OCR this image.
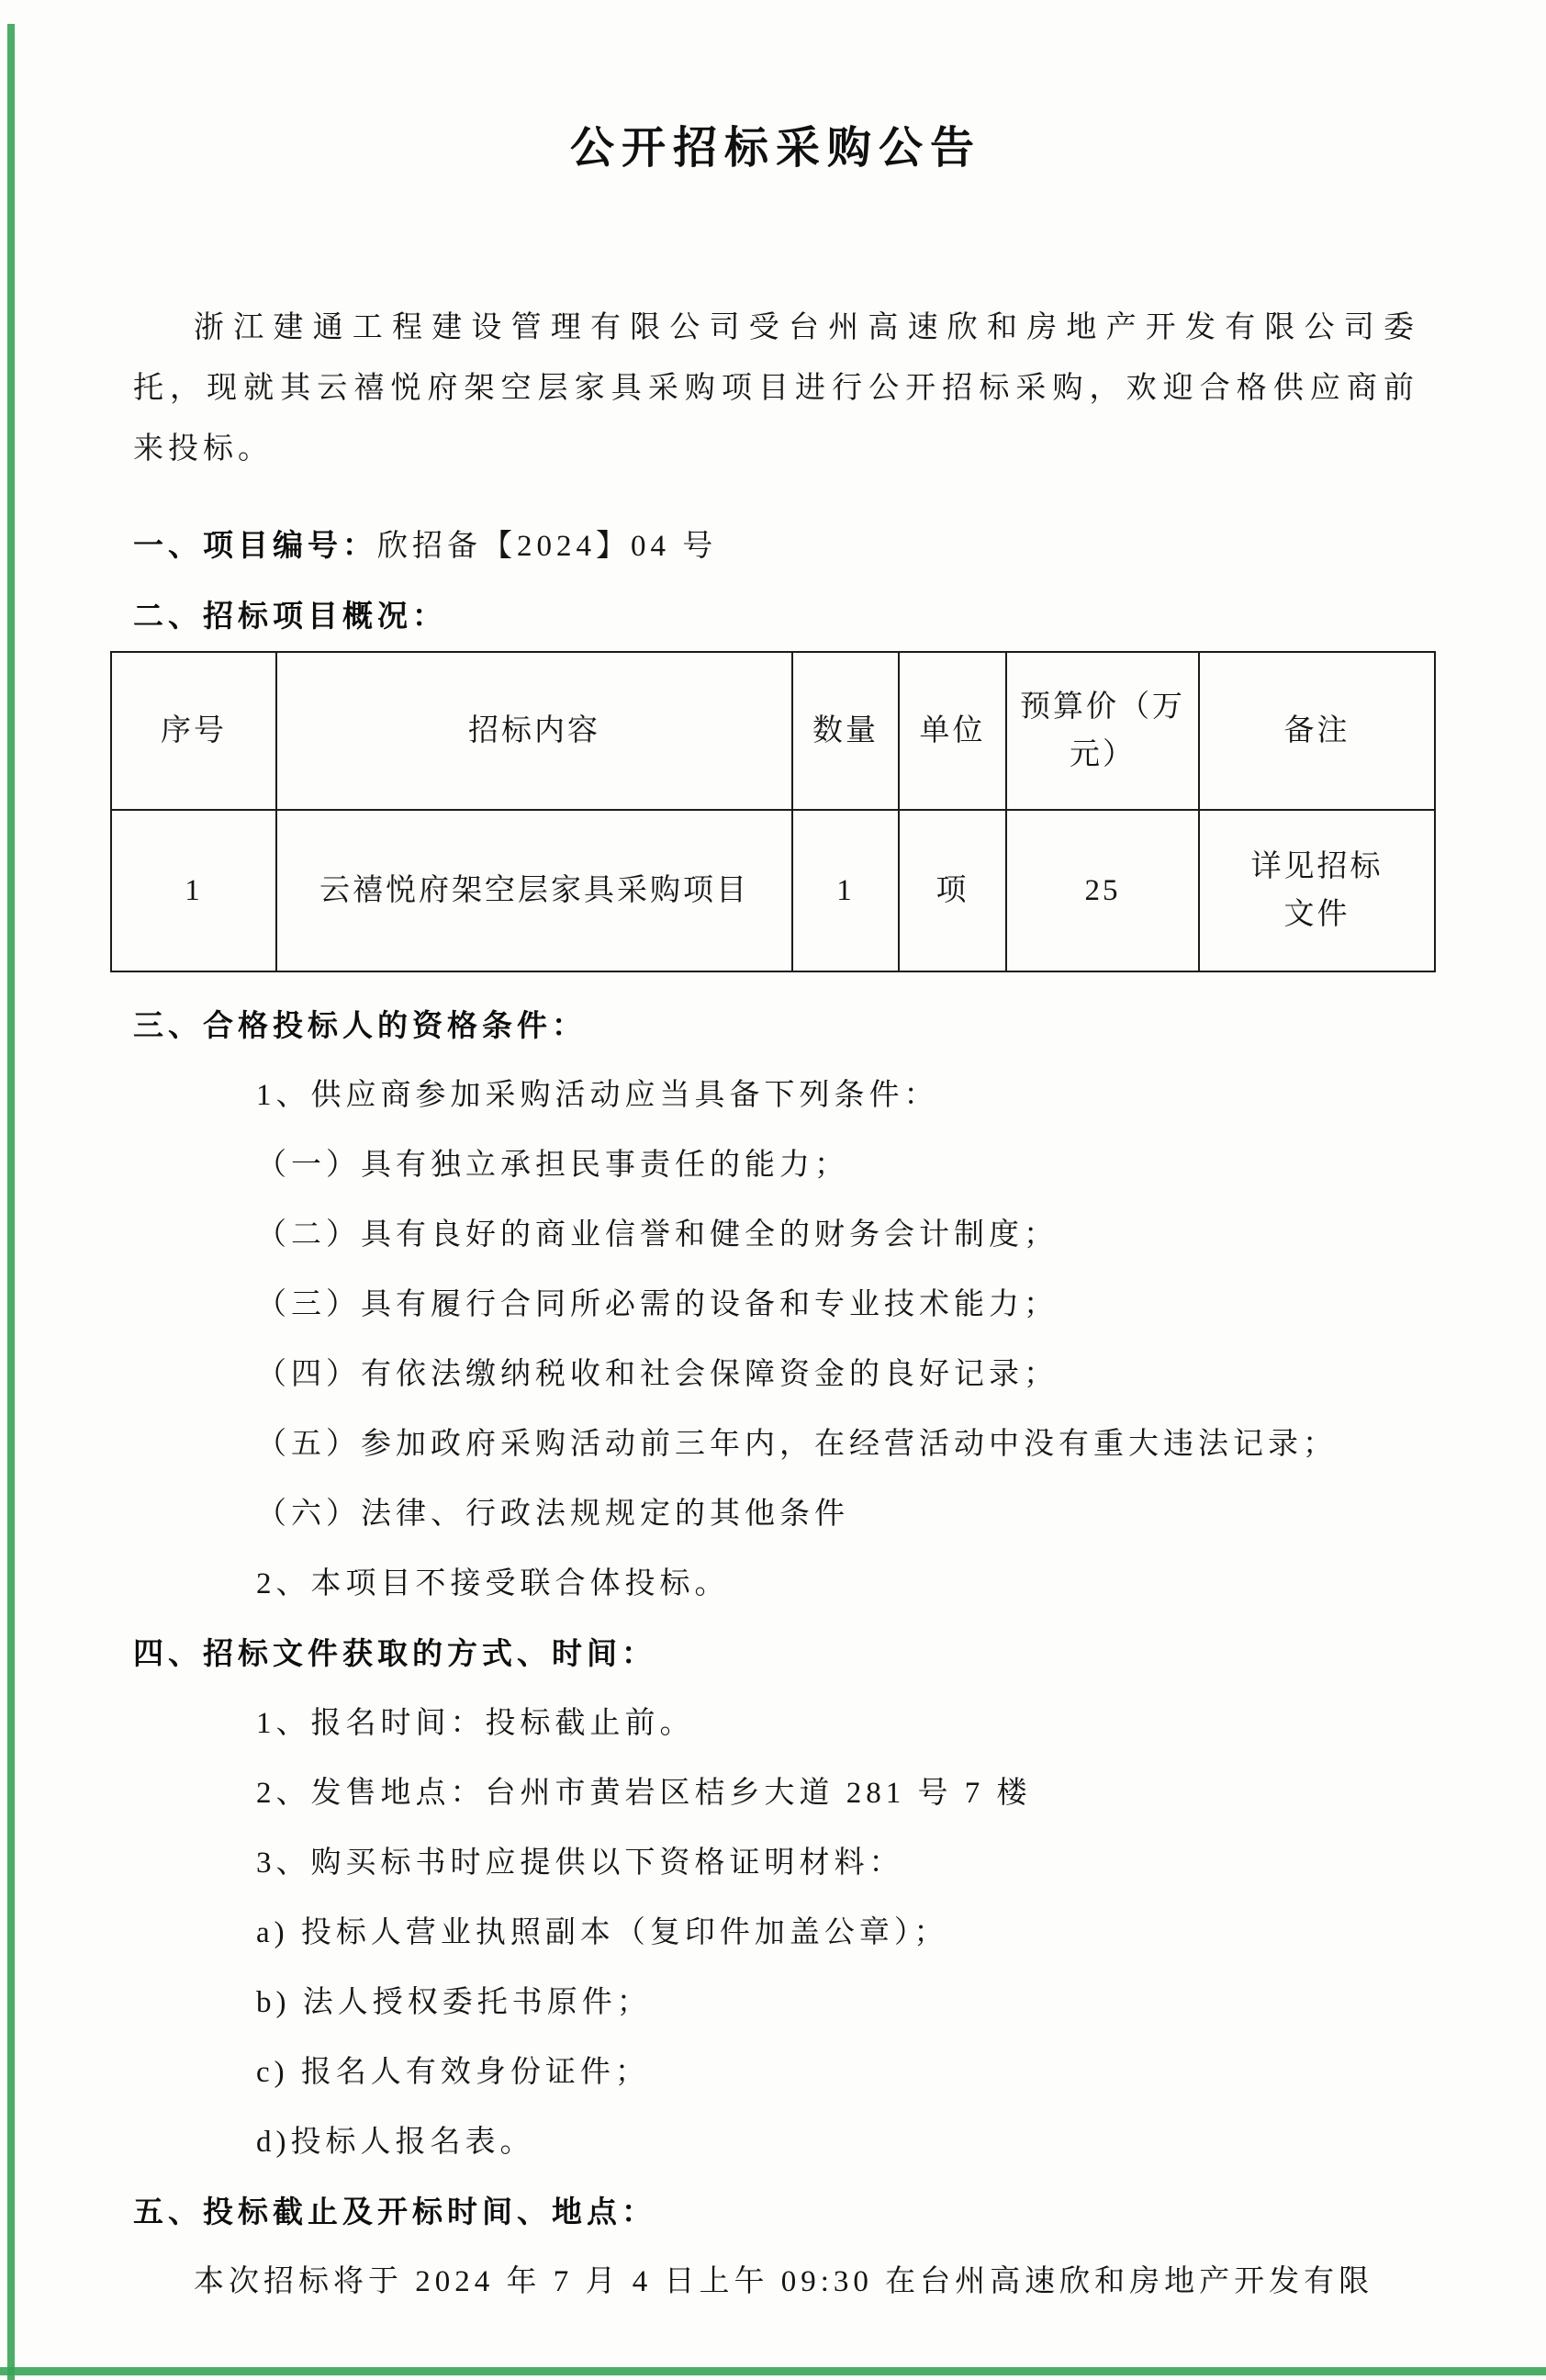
公开招标采购公告
浙江建通工程建设管理有限公司受台州高速欣和房地产开发有限公司委
托，现就其云禧悦府架空层家具采购项目进行公开招标采购，欢迎合格供应商前
来投标。
一、项目编号：欣招备【2024】04 号
二、招标项目概况：
序号	招标内容	数量	单位	预算价（万元）	备注

1	云禧悦府架空层家具采购项目	1	项	25	详见招标文件
三、合格投标人的资格条件：
1、供应商参加采购活动应当具备下列条件：
（一）具有独立承担民事责任的能力；
（二）具有良好的商业信誉和健全的财务会计制度；
（三）具有履行合同所必需的设备和专业技术能力；
（四）有依法缴纳税收和社会保障资金的良好记录；
（五）参加政府采购活动前三年内，在经营活动中没有重大违法记录；
（六）法律、行政法规规定的其他条件
2、本项目不接受联合体投标。
四、招标文件获取的方式、时间：
1、报名时间：投标截止前。
2、发售地点：台州市黄岩区桔乡大道 281 号 7 楼
3、购买标书时应提供以下资格证明材料：
a) 投标人营业执照副本（复印件加盖公章）；
b) 法人授权委托书原件；
c) 报名人有效身份证件；
d)投标人报名表。
五、投标截止及开标时间、地点：
本次招标将于 2024 年 7 月 4 日上午 09:30 在台州高速欣和房地产开发有限
